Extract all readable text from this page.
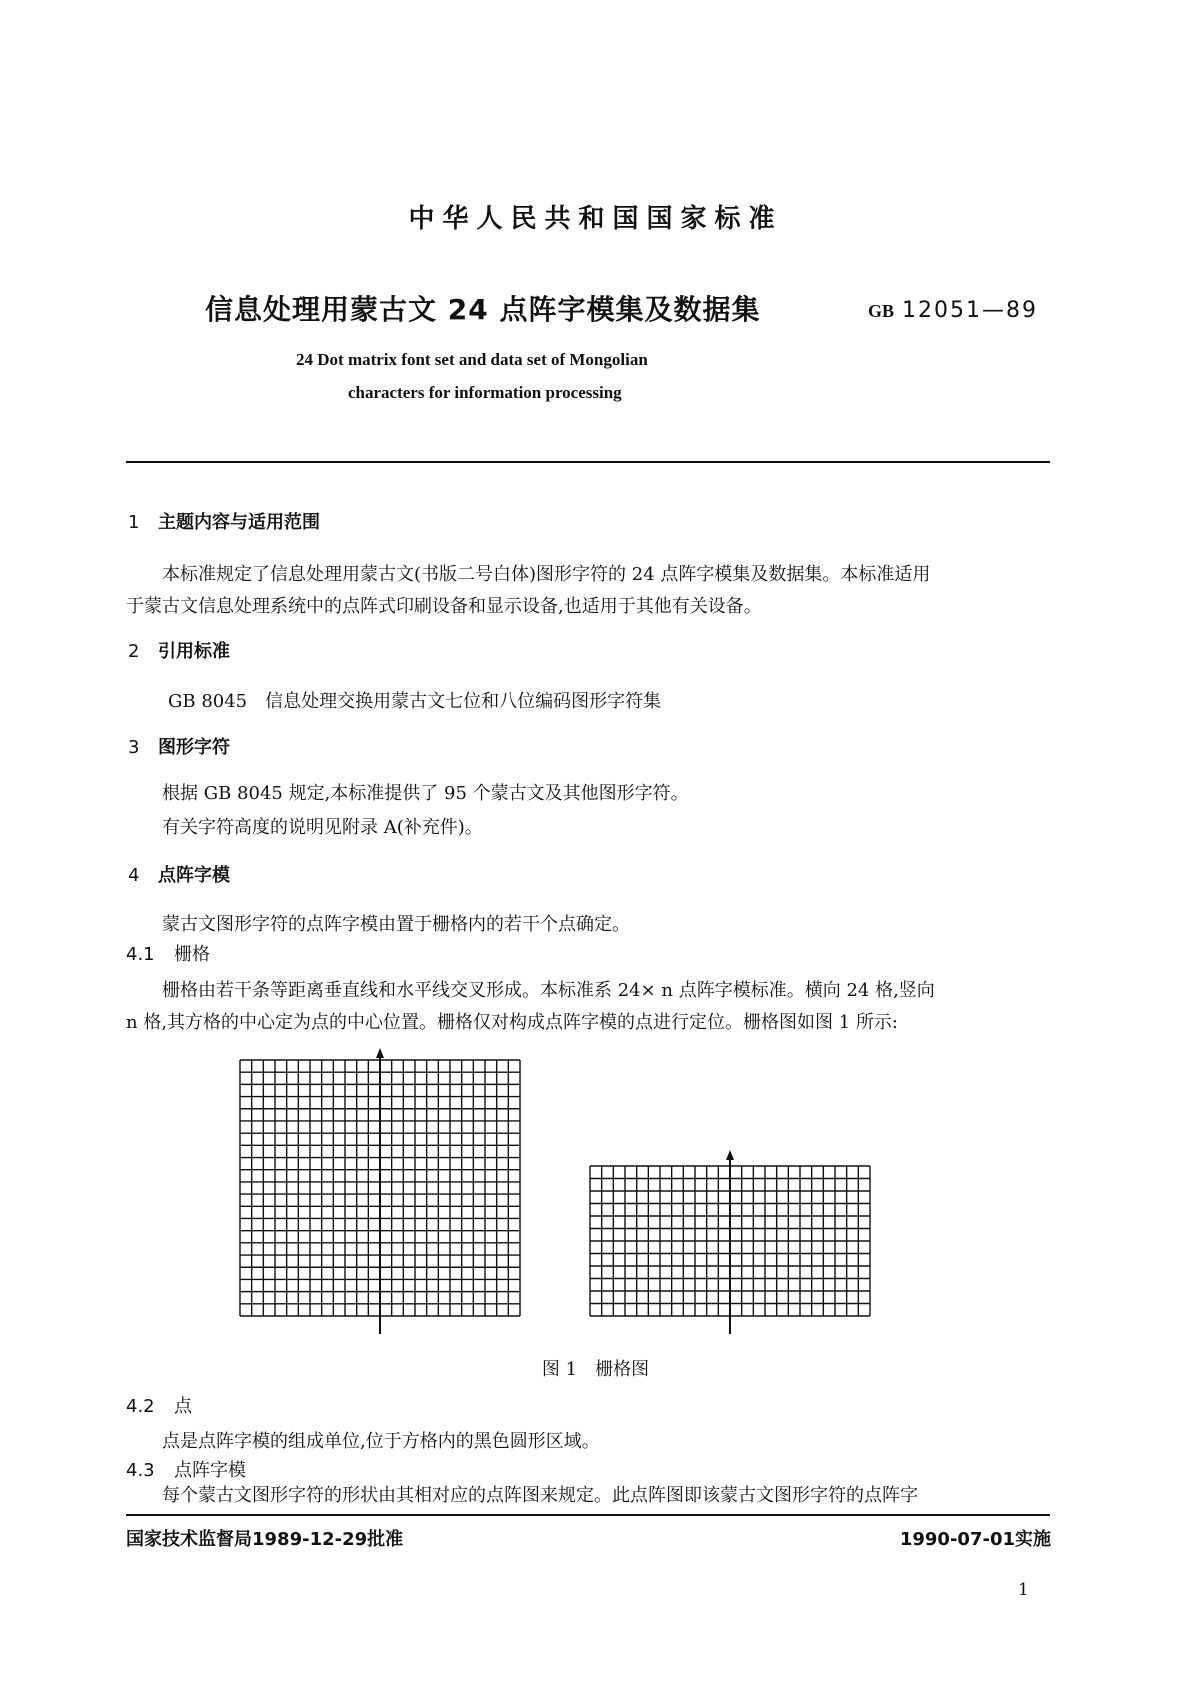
中华人民共和国国家标准
信息处理用蒙古文 24 点阵字模集及数据集	GB 12051—89
24 Dot matrix font set and data set of Mongolian
characters for information processing
1 主题内容与适用范围
本标准规定了信息处理用蒙古文(书版二号白体)图形字符的 24 点阵字模集及数据集。本标准适用
于蒙古文信息处理系统中的点阵式印刷设备和显示设备,也适用于其他有关设备。
2 引用标准
GB 8045　信息处理交换用蒙古文七位和八位编码图形字符集
3 图形字符
根据 GB 8045 规定,本标准提供了 95 个蒙古文及其他图形字符。
有关字符高度的说明见附录 A(补充件)。
4 点阵字模
蒙古文图形字符的点阵字模由置于栅格内的若干个点确定。
4.1 栅格
栅格由若干条等距离垂直线和水平线交叉形成。本标准系 24× n 点阵字模标准。横向 24 格,竖向
n 格,其方格的中心定为点的中心位置。栅格仅对构成点阵字模的点进行定位。栅格图如图 1 所示:
图 1　栅格图
4.2 点
点是点阵字模的组成单位,位于方格内的黑色圆形区域。
4.3 点阵字模
每个蒙古文图形字符的形状由其相对应的点阵图来规定。此点阵图即该蒙古文图形字符的点阵字
国家技术监督局1989-12-29批准	1990-07-01实施
1
